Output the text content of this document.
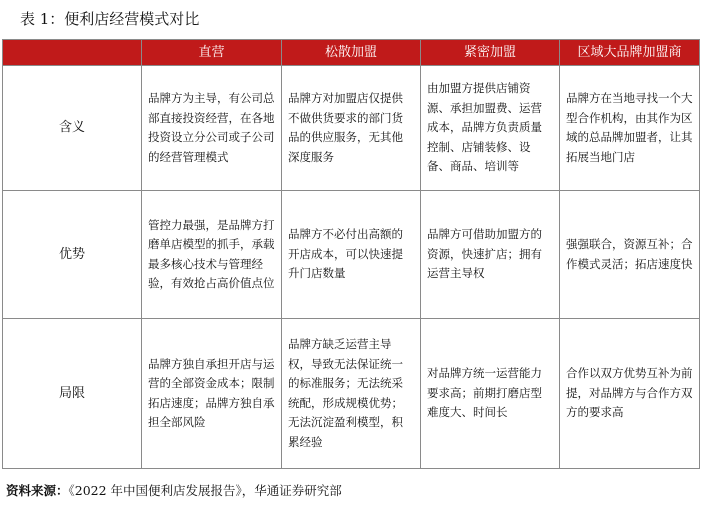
表 1：便利店经营模式对比
	直营	松散加盟	紧密加盟	区域大品牌加盟商
含义	品牌方为主导，有公司总部直接投资经营，在各地投资设立分公司或子公司的经营管理模式	品牌方对加盟店仅提供不做供货要求的部门货品的供应服务，无其他深度服务	由加盟方提供店铺资源、承担加盟费、运营成本，品牌方负责质量控制、店铺装修、设备、商品、培训等	品牌方在当地寻找一个大型合作机构，由其作为区域的总品牌加盟者，让其拓展当地门店
优势	管控力最强，是品牌方打磨单店模型的抓手，承载最多核心技术与管理经验，有效抢占高价值点位	品牌方不必付出高额的开店成本，可以快速提升门店数量	品牌方可借助加盟方的资源，快速扩店；拥有运营主导权	强强联合，资源互补；合作模式灵活；拓店速度快
局限	品牌方独自承担开店与运营的全部资金成本；限制拓店速度；品牌方独自承担全部风险	品牌方缺乏运营主导权，导致无法保证统一的标准服务；无法统采统配，形成规模优势；无法沉淀盈利模型，积累经验	对品牌方统一运营能力要求高；前期打磨店型难度大、时间长	合作以双方优势互补为前提，对品牌方与合作方双方的要求高
资料来源：《2022 年中国便利店发展报告》，华通证券研究部
